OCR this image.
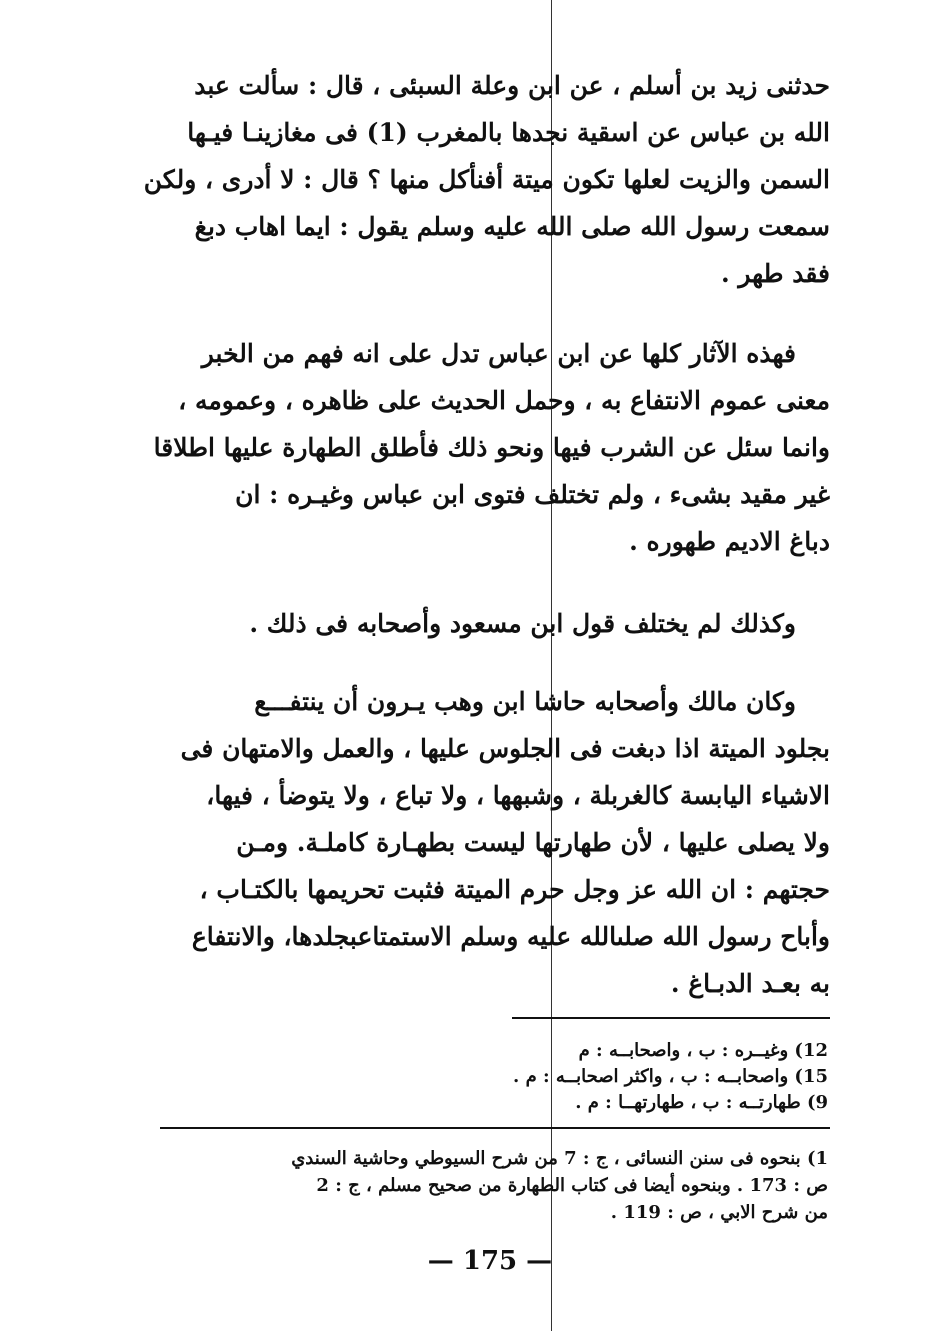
حدثنى زيد بن أسلم ، عن ابن وعلة السبئى ، قال : سألت عبد
الله بن عباس عن اسقية نجدها بالمغرب (1) فى مغازينـا فيـها
السمن والزيت لعلها تكون ميتة أفنأكل منها ؟ قال : لا أدرى ، ولكن
سمعت رسول الله صلى الله عليه وسلم يقول : ايما اهاب دبغ
فقد طهر .
فهذه الآثار كلها عن ابن عباس تدل على انه فهم من الخبر
معنى عموم الانتفاع به ، وحمل الحديث على ظاهره ، وعمومه ،
وانما سئل عن الشرب فيها ونحو ذلك فأطلق الطهارة عليها اطلاقا
غير مقيد بشىء ، ولم تختلف فتوى ابن عباس وغيـره : ان
دباغ الاديم طهوره .
وكذلك لم يختلف قول ابن مسعود وأصحابه فى ذلك .
وكان مالك وأصحابه حاشا ابن وهب يـرون أن ينتفـــع
بجلود الميتة اذا دبغت فى الجلوس عليها ، والعمل والامتهان فى
الاشياء اليابسة كالغربلة ، وشبهها ، ولا تباع ، ولا يتوضأ ، فيها،
ولا يصلى عليها ، لأن طهارتها ليست بطهـارة كاملـة. ومـن
حجتهم : ان الله عز وجل حرم الميتة فثبت تحريمها بالكتـاب ،
وأباح رسول الله صلىالله عليه وسلم الاستمتاعبجلدها، والانتفاع
به بعـد الدبـاغ .
12) وغيــره : ب ، واصحابــه : م
15) واصحابــه : ب ، واكثر اصحابــه : م .
9) طهارتــه : ب ، طهارتهــا : م .
1) بنحوه فى سنن النسائى ، ج : 7 من شرح السيوطي وحاشية السندي
ص : 173 . وبنحوه أيضا فى كتاب الطهارة من صحيح مسلم ، ج : 2
من شرح الابي ، ص : 119 .
— 175 —
